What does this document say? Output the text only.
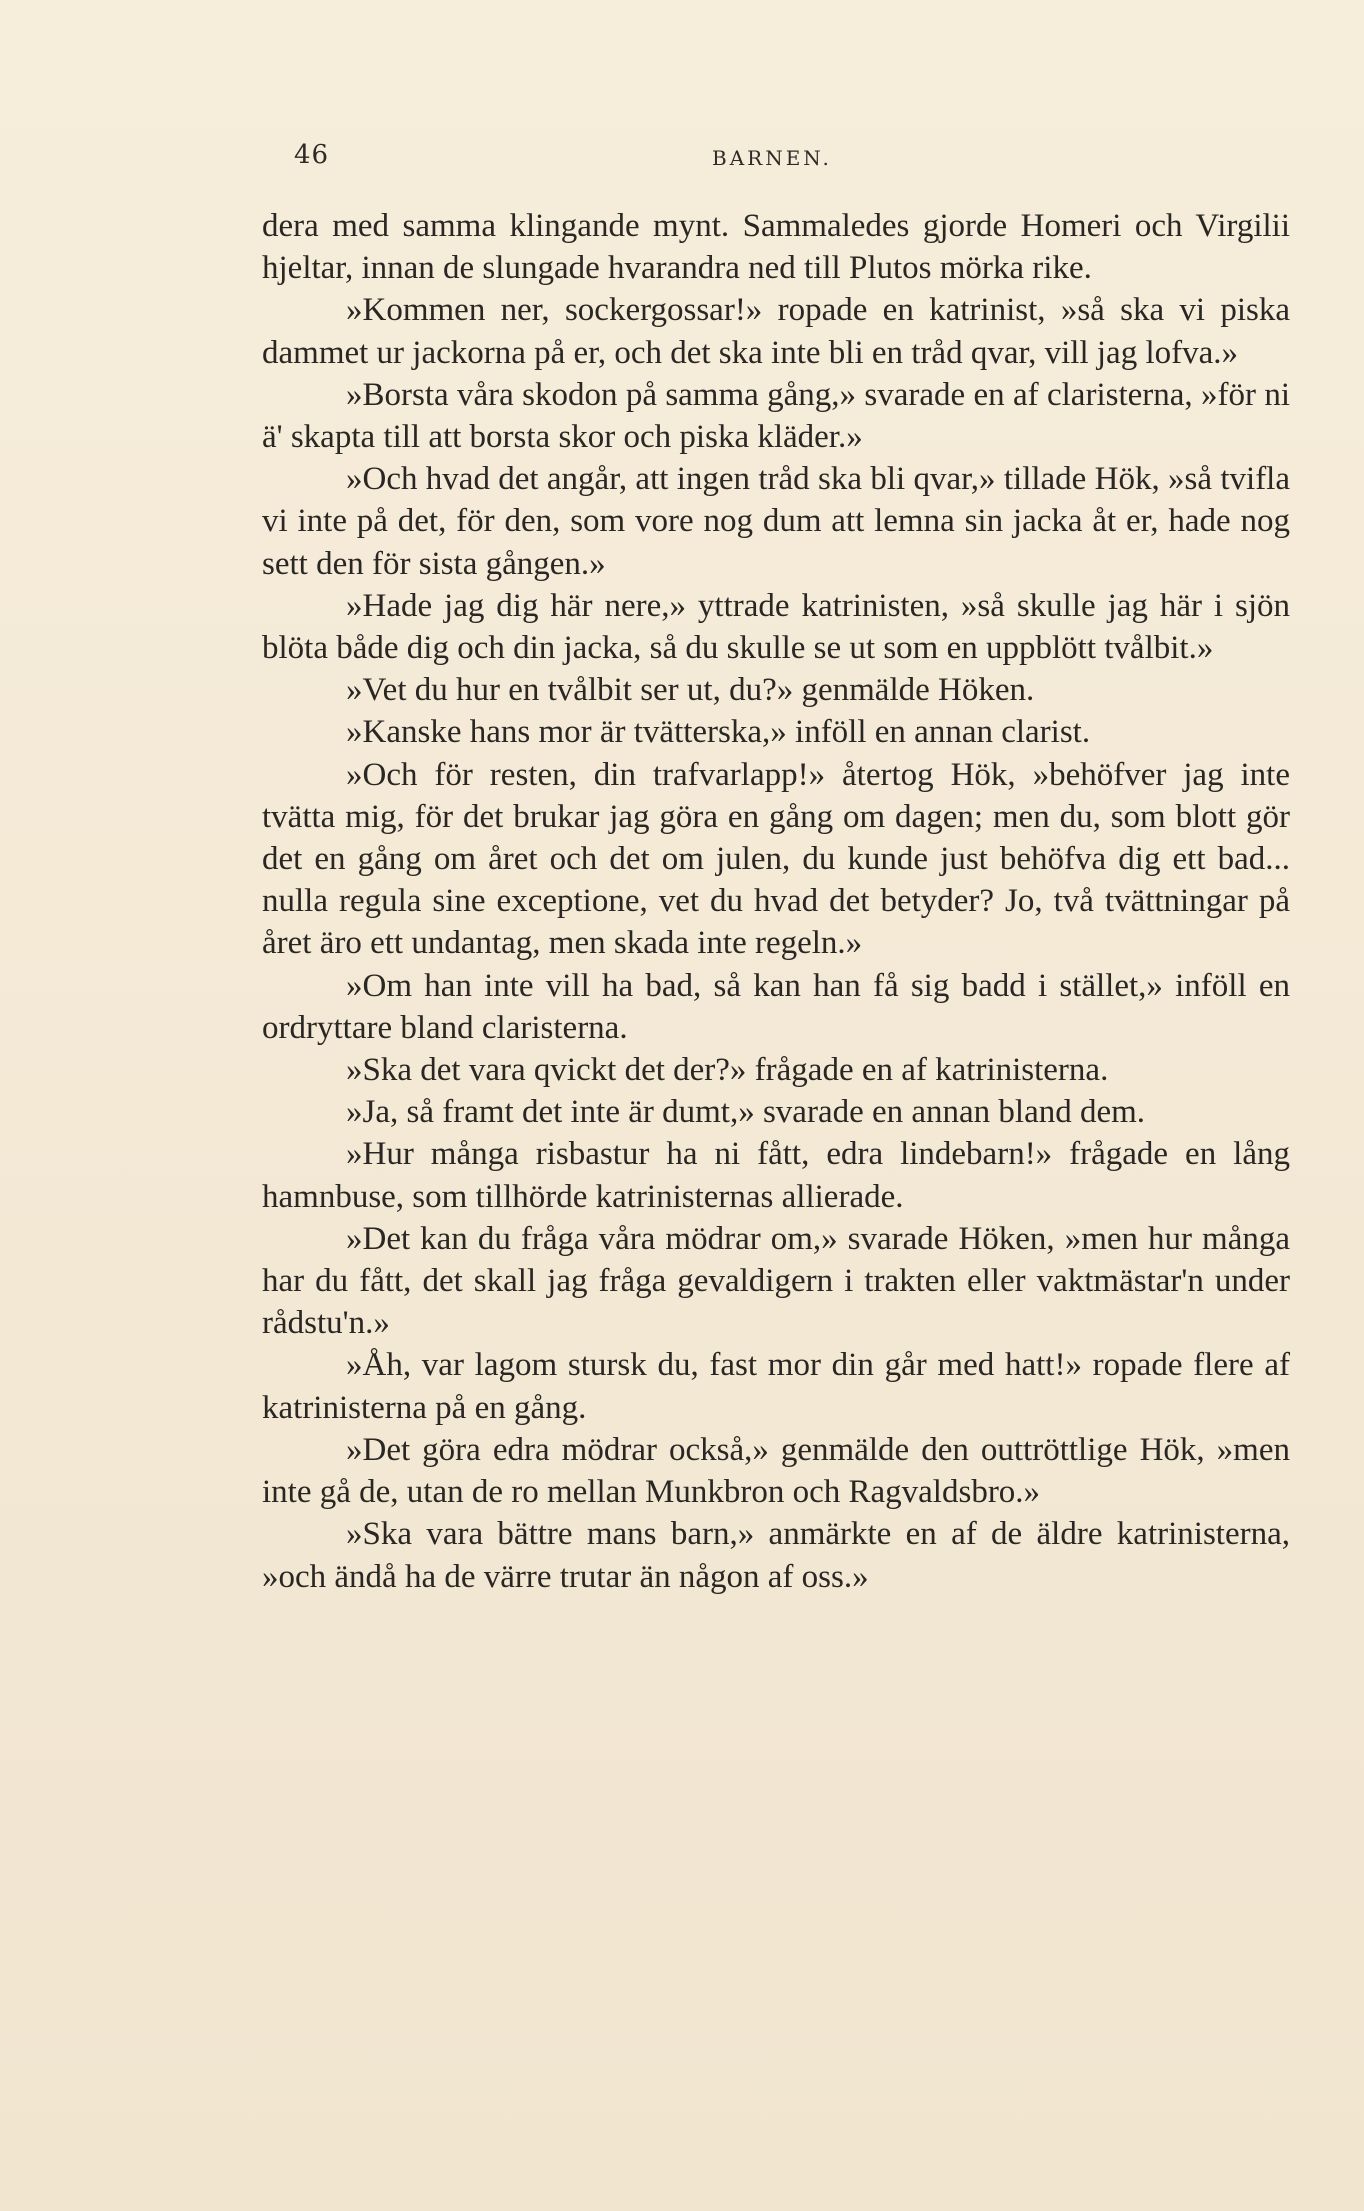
46	BARNEN.

dera med samma klingande mynt. Sammaledes gjorde Homeri och Virgilii hjeltar, innan de slungade hvarandra ned till Plutos mörka rike.

»Kommen ner, sockergossar!» ropade en katrinist, »så ska vi piska dammet ur jackorna på er, och det ska inte bli en tråd qvar, vill jag lofva.»

»Borsta våra skodon på samma gång,» svarade en af claristerna, »för ni ä' skapta till att borsta skor och piska kläder.»

»Och hvad det angår, att ingen tråd ska bli qvar,» tillade Hök, »så tvifla vi inte på det, för den, som vore nog dum att lemna sin jacka åt er, hade nog sett den för sista gången.»

»Hade jag dig här nere,» yttrade katrinisten, »så skulle jag här i sjön blöta både dig och din jacka, så du skulle se ut som en uppblött tvålbit.»

»Vet du hur en tvålbit ser ut, du?» genmälde Höken.

»Kanske hans mor är tvätterska,» inföll en annan clarist.

»Och för resten, din trafvarlapp!» återtog Hök, »behöfver jag inte tvätta mig, för det brukar jag göra en gång om dagen; men du, som blott gör det en gång om året och det om julen, du kunde just behöfva dig ett bad... nulla regula sine exceptione, vet du hvad det betyder? Jo, två tvättningar på året äro ett undantag, men skada inte regeln.»

»Om han inte vill ha bad, så kan han få sig badd i stället,» inföll en ordryttare bland claristerna.

»Ska det vara qvickt det der?» frågade en af katrinisterna.

»Ja, så framt det inte är dumt,» svarade en annan bland dem.

»Hur många risbastur ha ni fått, edra lindebarn!» frågade en lång hamnbuse, som tillhörde katrinisternas allierade.

»Det kan du fråga våra mödrar om,» svarade Höken, »men hur många har du fått, det skall jag fråga gevaldigern i trakten eller vaktmästar'n under rådstu'n.»

»Åh, var lagom stursk du, fast mor din går med hatt!» ropade flere af katrinisterna på en gång.

»Det göra edra mödrar också,» genmälde den outtröttlige Hök, »men inte gå de, utan de ro mellan Munkbron och Ragvaldsbro.»

»Ska vara bättre mans barn,» anmärkte en af de äldre katrinisterna, »och ändå ha de värre trutar än någon af oss.»
